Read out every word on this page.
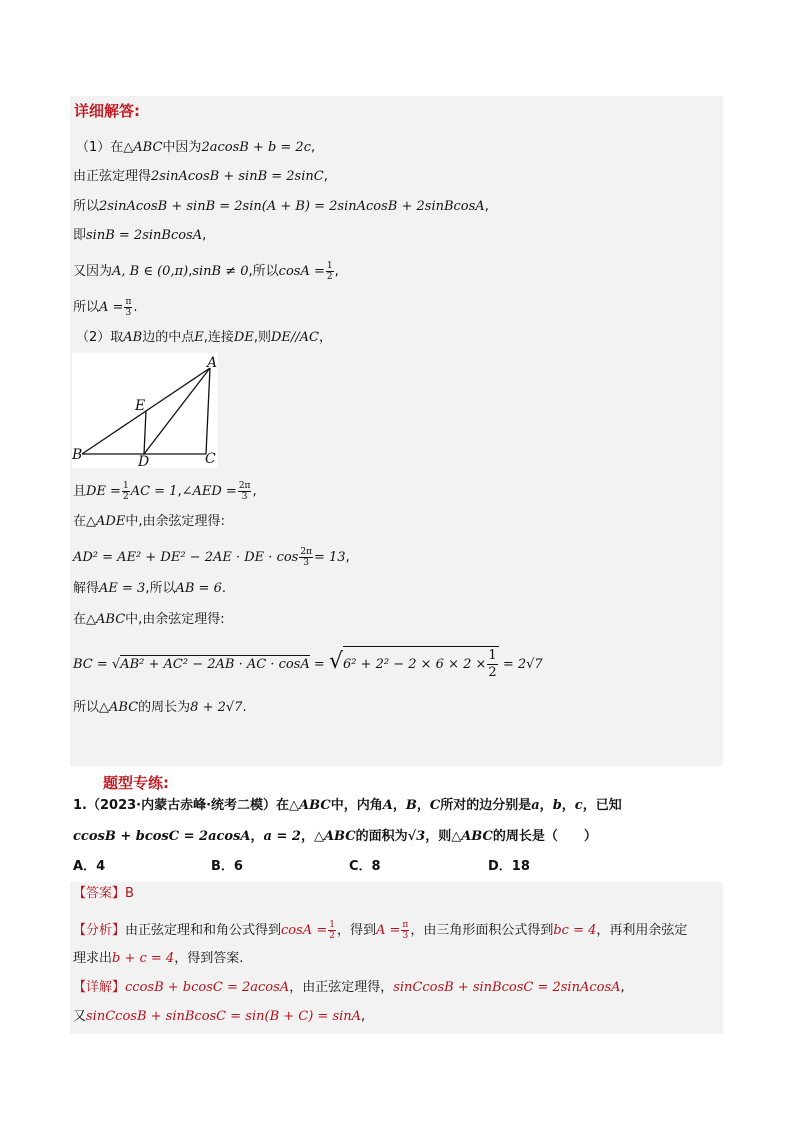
详细解答:
（1）在△ABC中因为2acosB + b = 2c,
由正弦定理得2sinAcosB + sinB = 2sinC,
所以2sinAcosB + sinB = 2sin(A + B) = 2sinAcosB + 2sinBcosA,
即sinB = 2sinBcosA,
又因为A, B ∈ (0,π),sinB ≠ 0,所以$\cos A = \frac{1}{2}$ ,
所以$A = \frac{\pi}{3}$ .
（2）取AB边的中点E,连接DE,则DE//AC，
A
B	C
D
E
且DE = $\frac{1}{2}$ AC = 1,∠AED = $\frac{2\pi}{3}$ ,
在△ADE中,由余弦定理得:
AD² = AE² + DE² − 2AE · DE · $\cos \frac{2\pi}{3} = 13$,
解得AE = 3,所以AB = 6.
在△ABC中,由余弦定理得:
BC = √AB² + AC² − 2AB · AC · $\cos A = √6^2 + 2^2 - 2 \times 6 \times 2 \times \frac{1}{2} = 2√7$
所以△ABC的周长为8 + 2√7.
题型专练:
1.（2023·内蒙古赤峰·统考二模）在△ABC中，内角A，B，C所对的边分别是a，b，c，已知
ccosB + bcosC = 2acosA，a = 2，△ABC的面积为√3，则△ABC的周长是（　　）
A．4	B．6	C．8	D．18
【答案】B
【分析】由正弦定理和和角公式得到$\cos A = \frac{1}{2}$ ，得到$A = \frac{\pi}{3}$ ，由三角形面积公式得到bc = 4，再利用余弦定
理求出b + c = 4，得到答案.
【详解】ccosB + bcosC = 2acosA，由正弦定理得，sinCcosB + sinBcosC = 2sinAcosA,
又sinCcosB + sinBcosC = sin(B + C) = sinA,
